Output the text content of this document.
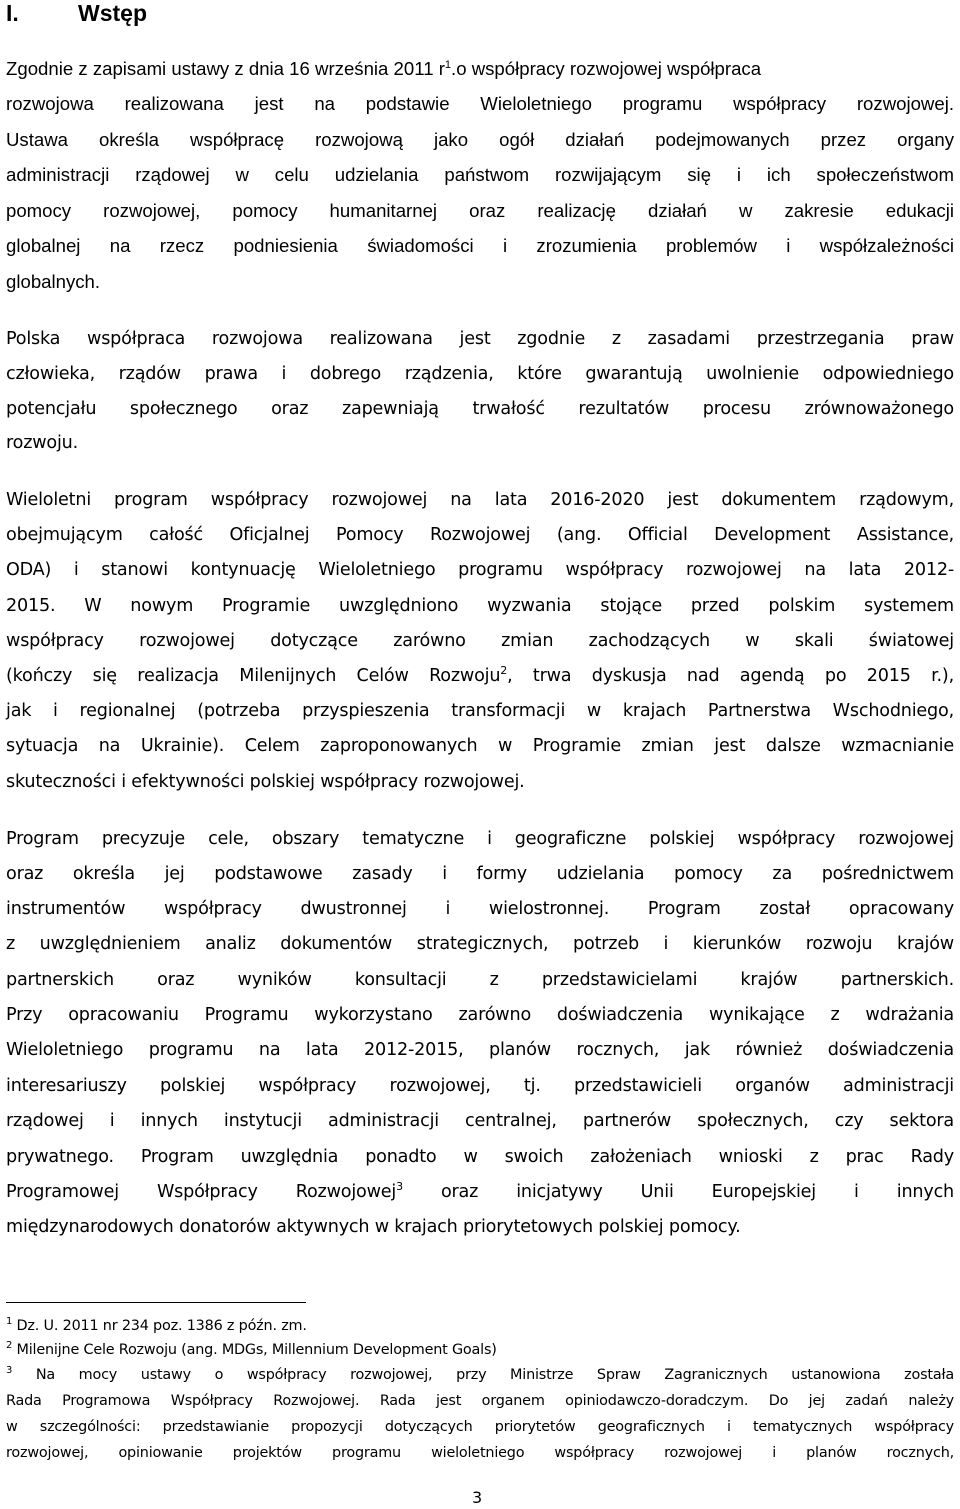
I.	Wstęp
Zgodnie z zapisami ustawy z dnia 16 września 2011 $r^1.o$ współpracy rozwojowej współpraca
rozwojowa realizowana jest na podstawie Wieloletniego programu współpracy rozwojowej.
Ustawa określa współpracę rozwojową jako ogół działań podejmowanych przez organy
administracji rządowej w celu udzielania państwom rozwijającym się i ich społeczeństwom
pomocy rozwojowej, pomocy humanitarnej oraz realizację działań w zakresie edukacji
globalnej na rzecz podniesienia świadomości i zrozumienia problemów i współzależności
globalnych.
Polska współpraca rozwojowa realizowana jest zgodnie z zasadami przestrzegania praw
człowieka, rządów prawa i dobrego rządzenia, które gwarantują uwolnienie odpowiedniego
potencjału społecznego oraz zapewniają trwałość rezultatów procesu zrównoważonego
rozwoju.
Wieloletni program współpracy rozwojowej na lata 2016-2020 jest dokumentem rządowym,
obejmującym całość Oficjalnej Pomocy Rozwojowej (ang. Official Development Assistance,
ODA) i stanowi kontynuację Wieloletniego programu współpracy rozwojowej na lata 2012-
2015. W nowym Programie uwzględniono wyzwania stojące przed polskim systemem
współpracy rozwojowej dotyczące zarówno zmian zachodzących w skali światowej
(kończy się realizacja Milenijnych Celów Rozwoju$^2$, trwa dyskusja nad agendą po 2015 r.),
jak i regionalnej (potrzeba przyspieszenia transformacji w krajach Partnerstwa Wschodniego,
sytuacja na Ukrainie). Celem zaproponowanych w Programie zmian jest dalsze wzmacnianie
skuteczności i efektywności polskiej współpracy rozwojowej.
Program precyzuje cele, obszary tematyczne i geograficzne polskiej współpracy rozwojowej
oraz określa jej podstawowe zasady i formy udzielania pomocy za pośrednictwem
instrumentów współpracy dwustronnej i wielostronnej. Program został opracowany
z uwzględnieniem analiz dokumentów strategicznych, potrzeb i kierunków rozwoju krajów
partnerskich oraz wyników konsultacji z przedstawicielami krajów partnerskich.
Przy opracowaniu Programu wykorzystano zarówno doświadczenia wynikające z wdrażania
Wieloletniego programu na lata 2012-2015, planów rocznych, jak również doświadczenia
interesariuszy polskiej współpracy rozwojowej, tj. przedstawicieli organów administracji
rządowej i innych instytucji administracji centralnej, partnerów społecznych, czy sektora
prywatnego. Program uwzględnia ponadto w swoich założeniach wnioski z prac Rady
Programowej Współpracy Rozwojowej$^3$ oraz inicjatywy Unii Europejskiej i innych
międzynarodowych donatorów aktywnych w krajach priorytetowych polskiej pomocy.
$^1$ Dz. U. 2011 nr 234 poz. 1386 z późn. zm.
$^2$ Milenijne Cele Rozwoju (ang. MDGs, Millennium Development Goals)
$^3$ Na mocy ustawy o współpracy rozwojowej, przy Ministrze Spraw Zagranicznych ustanowiona została
Rada Programowa Współpracy Rozwojowej. Rada jest organem opiniodawczo-doradczym. Do jej zadań należy
w szczególności: przedstawianie propozycji dotyczących priorytetów geograficznych i tematycznych współpracy
rozwojowej, opiniowanie projektów programu wieloletniego współpracy rozwojowej i planów rocznych,
3
